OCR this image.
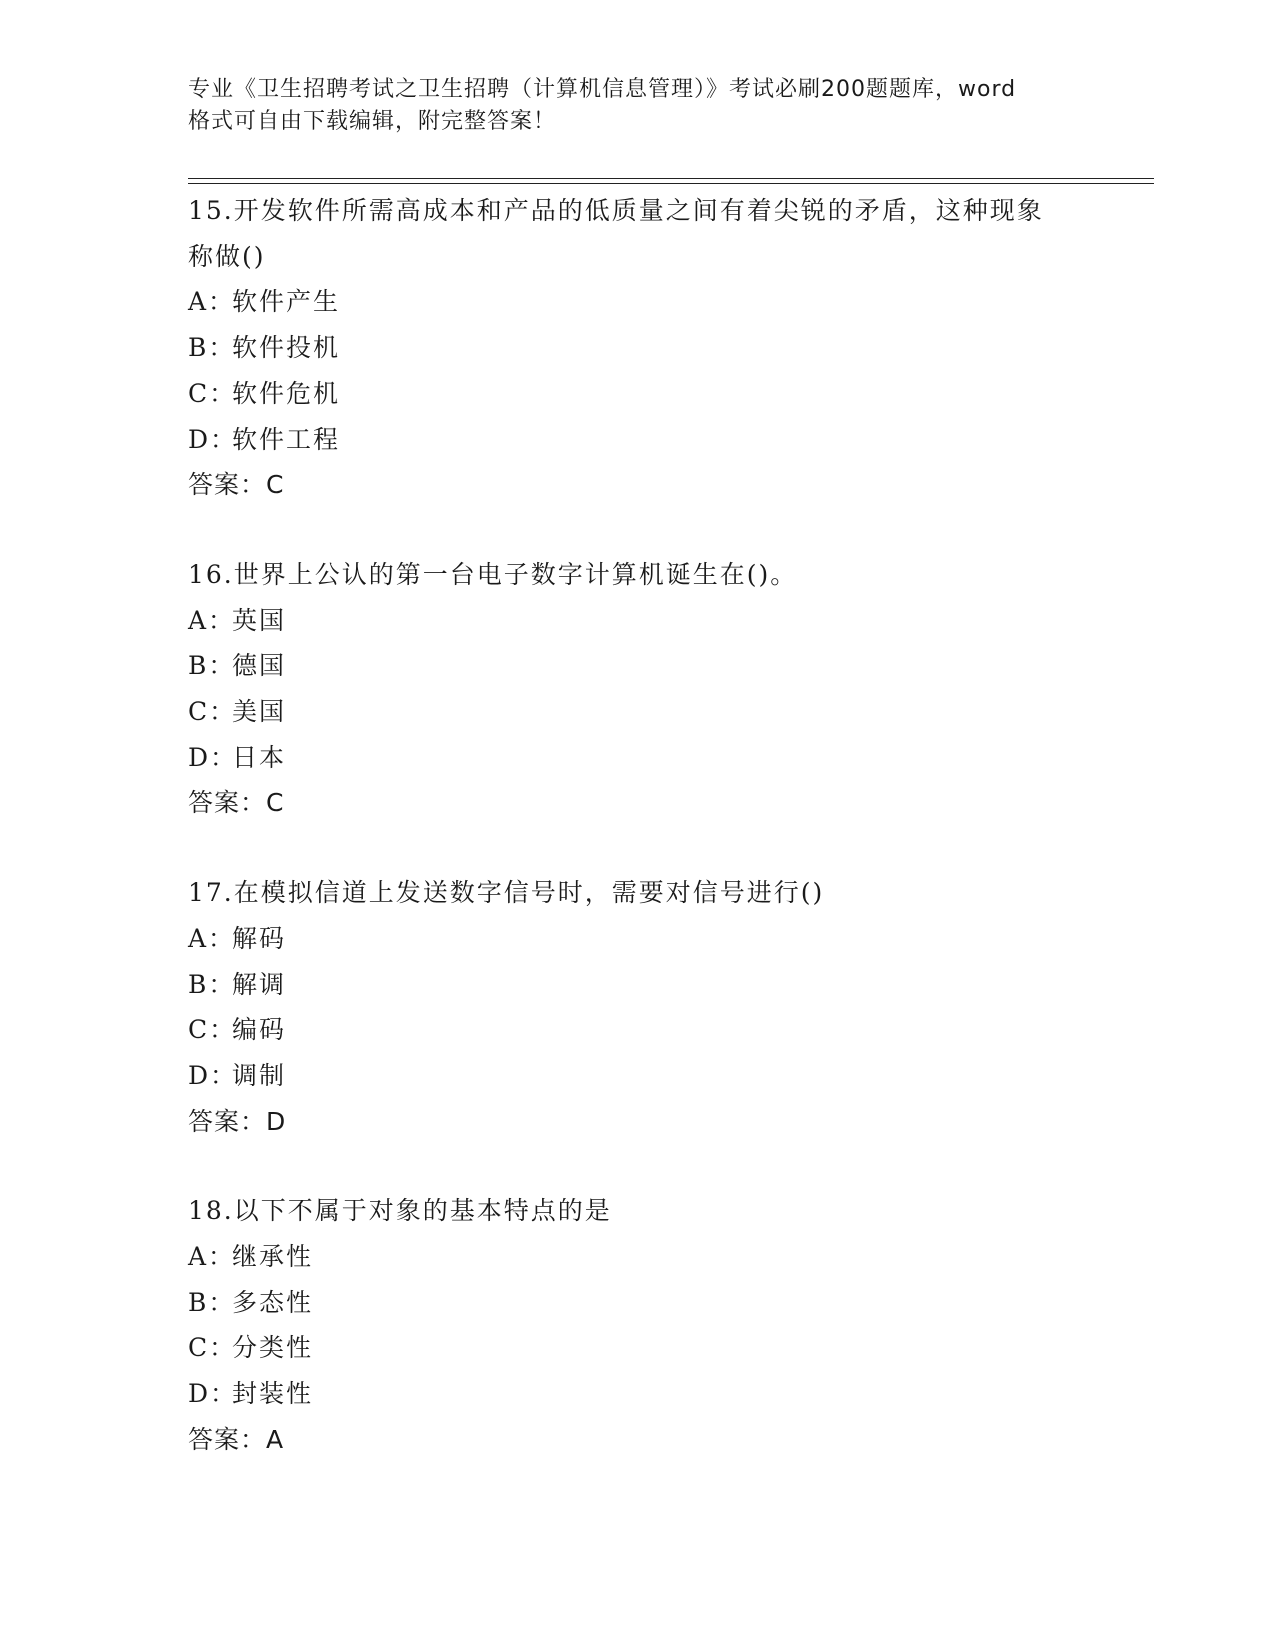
专业《卫生招聘考试之卫生招聘（计算机信息管理）》考试必刷200题题库，word
格式可自由下载编辑，附完整答案！

15.开发软件所需高成本和产品的低质量之间有着尖锐的矛盾，这种现象称做()

A：软件产生

B：软件投机

C：软件危机

D：软件工程

答案：C

16.世界上公认的第一台电子数字计算机诞生在()。

A：英国

B：德国

C：美国

D：日本

答案：C

17.在模拟信道上发送数字信号时，需要对信号进行()

A：解码

B：解调

C：编码

D：调制

答案：D

18.以下不属于对象的基本特点的是

A：继承性

B：多态性

C：分类性

D：封装性

答案：A
